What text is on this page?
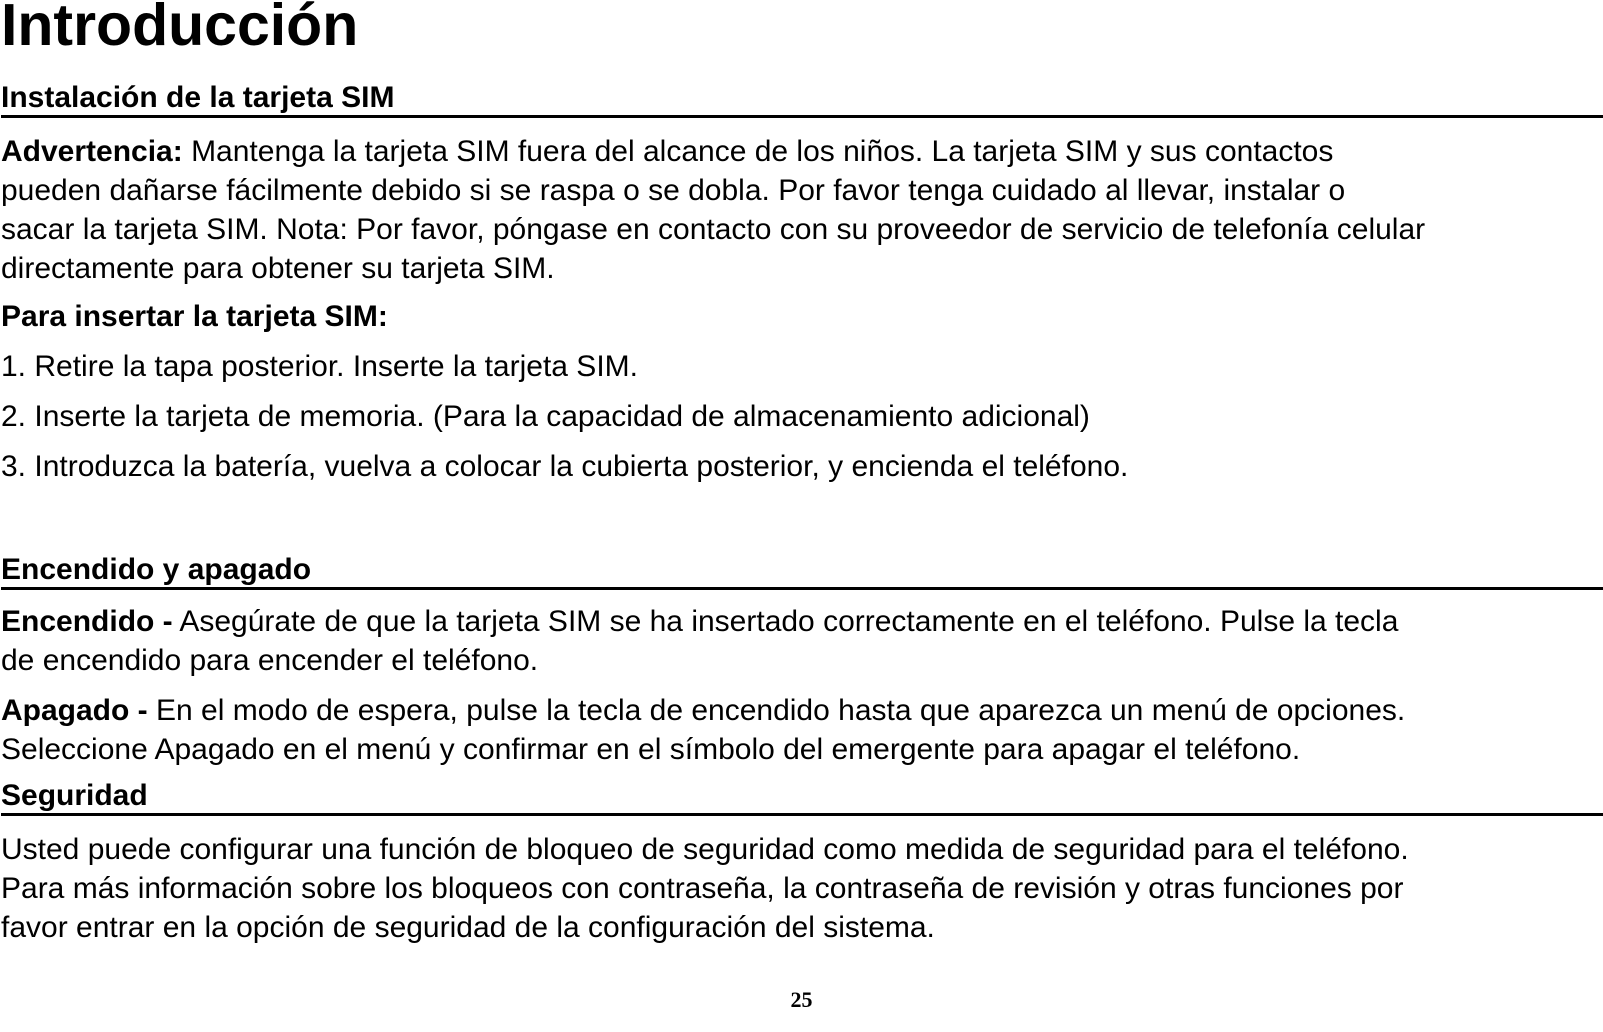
Introducción
Instalación de la tarjeta SIM

Advertencia: Mantenga la tarjeta SIM fuera del alcance de los niños. La tarjeta SIM y sus contactos
pueden dañarse fácilmente debido si se raspa o se dobla. Por favor tenga cuidado al llevar, instalar o
sacar la tarjeta SIM. Nota: Por favor, póngase en contacto con su proveedor de servicio de telefonía celular
directamente para obtener su tarjeta SIM.

Para insertar la tarjeta SIM:
1. Retire la tapa posterior. Inserte la tarjeta SIM.
2. Inserte la tarjeta de memoria. (Para la capacidad de almacenamiento adicional)
3. Introduzca la batería, vuelva a colocar la cubierta posterior, y encienda el teléfono.
Encendido y apagado

Encendido - Asegúrate de que la tarjeta SIM se ha insertado correctamente en el teléfono. Pulse la tecla
de encendido para encender el teléfono.

Apagado - En el modo de espera, pulse la tecla de encendido hasta que aparezca un menú de opciones.
Seleccione Apagado en el menú y confirmar en el símbolo del emergente para apagar el teléfono.

Seguridad

Usted puede configurar una función de bloqueo de seguridad como medida de seguridad para el teléfono.
Para más información sobre los bloqueos con contraseña, la contraseña de revisión y otras funciones por
favor entrar en la opción de seguridad de la configuración del sistema.

25
